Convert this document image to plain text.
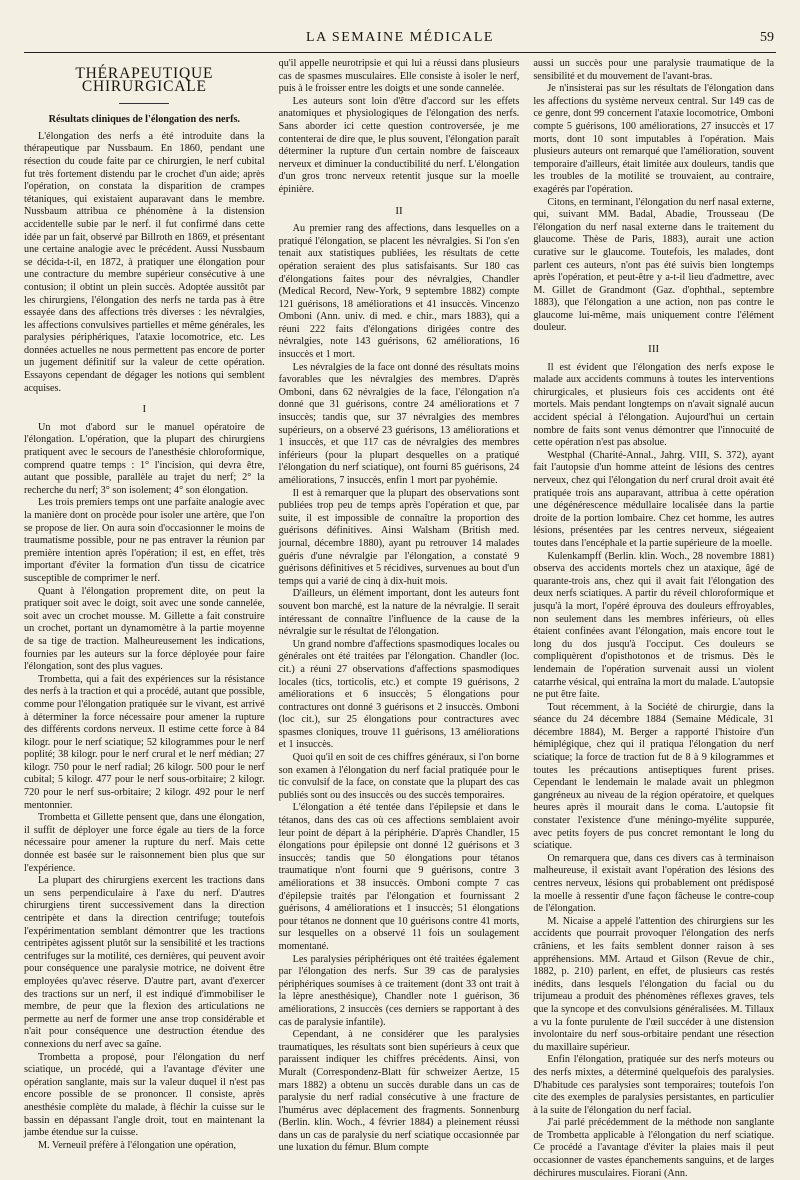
LA SEMAINE MÉDICALE	59
THÉRAPEUTIQUE CHIRURGICALE
Résultats cliniques de l'élongation des nerfs.

L'élongation des nerfs a été introduite dans la thérapeutique par Nussbaum. En 1860, pendant une résection du coude faite par ce chirurgien, le nerf cubital fut très fortement distendu par le crochet d'un aide; après l'opération, on constata la disparition de crampes tétaniques, qui existaient auparavant dans le membre. Nussbaum attribua ce phénomène à la distension accidentelle subie par le nerf. il fut confirmé dans cette idée par un fait, observé par Billroth en 1869, et présentant une certaine analogie avec le précédent. Aussi Nussbaum se décida-t-il, en 1872, à pratiquer une élongation pour une contracture du membre supérieur consécutive à une contusion; il obtint un plein succès. Adoptée aussitôt par les chirurgiens, l'élongation des nerfs ne tarda pas à être essayée dans des affections très diverses : les névralgies, les affections convulsives partielles et même générales, les paralysies périphériques, l'ataxie locomotrice, etc. Les données actuelles ne nous permettent pas encore de porter un jugement définitif sur la valeur de cette opération. Essayons cependant de dégager les notions qui semblent acquises.

I

Un mot d'abord sur le manuel opératoire de l'élongation. L'opération, que la plupart des chirurgiens pratiquent avec le secours de l'anesthésie chloroformique, comprend quatre temps : 1° l'incision, qui devra être, autant que possible, parallèle au trajet du nerf; 2° la recherche du nerf; 3° son isolement; 4° son élongation.

Les trois premiers temps ont une parfaite analogie avec la manière dont on procède pour isoler une artère, que l'on se propose de lier. On aura soin d'occasionner le moins de traumatisme possible, pour ne pas entraver la réunion par première intention après l'opération; il est, en effet, très important d'éviter la formation d'un tissu de cicatrice susceptible de comprimer le nerf.

Quant à l'élongation proprement dite, on peut la pratiquer soit avec le doigt, soit avec une sonde cannelée, soit avec un crochet mousse. M. Gillette a fait construire un crochet, portant un dynamomètre à la partie moyenne de sa tige de traction. Malheureusement les indications, fournies par les auteurs sur la force déployée pour faire l'élongation, sont des plus vagues.

Trombetta, qui a fait des expériences sur la résistance des nerfs à la traction et qui a procédé, autant que possible, comme pour l'élongation pratiquée sur le vivant, est arrivé à déterminer la force nécessaire pour amener la rupture des différents cordons nerveux. Il estime cette force à 84 kilogr. pour le nerf sciatique; 52 kilogrammes pour le nerf poplité; 38 kilogr. pour le nerf crural et le nerf médian; 27 kilogr. 750 pour le nerf radial; 26 kilogr. 500 pour le nerf cubital; 5 kilogr. 477 pour le nerf sous-orbitaire; 2 kilogr. 720 pour le nerf sus-orbitaire; 2 kilogr. 492 pour le nerf mentonnier.

Trombetta et Gillette pensent que, dans une élongation, il suffit de déployer une force égale au tiers de la force nécessaire pour amener la rupture du nerf. Mais cette donnée est basée sur le raisonnement bien plus que sur l'expérience.

La plupart des chirurgiens exercent les tractions dans un sens perpendiculaire à l'axe du nerf. D'autres chirurgiens tirent successivement dans la direction centripète et dans la direction centrifuge; toutefois l'expérimentation semblant démontrer que les tractions centripètes agissent plutôt sur la sensibilité et les tractions centrifuges sur la motilité, ces dernières, qui peuvent avoir pour conséquence une paralysie motrice, ne doivent être employées qu'avec réserve. D'autre part, avant d'exercer des tractions sur un nerf, il est indiqué d'immobiliser le membre, de peur que la flexion des articulations ne permette au nerf de former une anse trop considérable et n'ait pour conséquence une destruction étendue des connexions du nerf avec sa gaîne.

Trombetta a proposé, pour l'élongation du nerf sciatique, un procédé, qui a l'avantage d'éviter une opération sanglante, mais sur la valeur duquel il n'est pas encore possible de se prononcer. Il consiste, après anesthésie complète du malade, à fléchir la cuisse sur le bassin en dépassant l'angle droit, tout en maintenant la jambe étendue sur la cuisse.

M. Verneuil préfère à l'élongation une opération,

qu'il appelle neurotripsie et qui lui a réussi dans plusieurs cas de spasmes musculaires. Elle consiste à isoler le nerf, puis à le froisser entre les doigts et une sonde cannelée.

Les auteurs sont loin d'être d'accord sur les effets anatomiques et physiologiques de l'élongation des nerfs. Sans aborder ici cette question controversée, je me contenterai de dire que, le plus souvent, l'élongation paraît déterminer la rupture d'un certain nombre de faisceaux nerveux et diminuer la conductibilité du nerf. L'élongation d'un gros tronc nerveux retentit jusque sur la moelle épinière.

II

Au premier rang des affections, dans lesquelles on a pratiqué l'élongation, se placent les névralgies. Si l'on s'en tenait aux statistiques publiées, les résultats de cette opération seraient des plus satisfaisants. Sur 180 cas d'élongations faites pour des névralgies, Chandler (Medical Record, New-York, 9 septembre 1882) compte 121 guérisons, 18 améliorations et 41 insuccès. Vincenzo Omboni (Ann. univ. di med. e chir., mars 1883), qui a réuni 222 faits d'élongations dirigées contre des névralgies, note 143 guérisons, 62 améliorations, 16 insuccès et 1 mort.

Les névralgies de la face ont donné des résultats moins favorables que les névralgies des membres. D'après Omboni, dans 62 névralgies de la face, l'élongation n'a donné que 31 guérisons, contre 24 améliorations et 7 insuccès; tandis que, sur 37 névralgies des membres supérieurs, on a observé 23 guérisons, 13 améliorations et 1 insuccès, et que 117 cas de névralgies des membres inférieurs (pour la plupart desquelles on a pratiqué l'élongation du nerf sciatique), ont fourni 85 guérisons, 24 améliorations, 7 insuccès, enfin 1 mort par pyohémie.

Il est à remarquer que la plupart des observations sont publiées trop peu de temps après l'opération et que, par suite, il est impossible de connaître la proportion des guérisons définitives. Ainsi Walsham (British med. journal, décembre 1880), ayant pu retrouver 14 malades guéris d'une névralgie par l'élongation, a constaté 9 guérisons définitives et 5 récidives, survenues au bout d'un temps qui a varié de cinq à dix-huit mois.

D'ailleurs, un élément important, dont les auteurs font souvent bon marché, est la nature de la névralgie. Il serait intéressant de connaître l'influence de la cause de la névralgie sur le résultat de l'élongation.

Un grand nombre d'affections spasmodiques locales ou générales ont été traitées par l'élongation. Chandler (loc. cit.) a réuni 27 observations d'affections spasmodiques locales (tics, torticolis, etc.) et compte 19 guérisons, 2 améliorations et 6 insuccès; 5 élongations pour contractures ont donné 3 guérisons et 2 insuccès. Omboni (loc cit.), sur 25 élongations pour contractures avec spasmes cloniques, trouve 11 guérisons, 13 améliorations et 1 insuccès.

Quoi qu'il en soit de ces chiffres généraux, si l'on borne son examen à l'élongation du nerf facial pratiquée pour le tic convulsif de la face, on constate que la plupart des cas publiés sont ou des insuccès ou des succès temporaires.

L'élongation a été tentée dans l'épilepsie et dans le tétanos, dans des cas où ces affections semblaient avoir leur point de départ à la périphérie. D'après Chandler, 15 élongations pour épilepsie ont donné 12 guérisons et 3 insuccès; tandis que 50 élongations pour tétanos traumatique n'ont fourni que 9 guérisons, contre 3 améliorations et 38 insuccès. Omboni compte 7 cas d'épilepsie traités par l'élongation et fournissant 2 guérisons, 4 améliorations et 1 insuccès; 51 élongations pour tétanos ne donnent que 10 guérisons contre 41 morts, sur lesquelles on a observé 11 fois un soulagement momentané.

Les paralysies périphériques ont été traitées également par l'élongation des nerfs. Sur 39 cas de paralysies périphériques soumises à ce traitement (dont 33 ont trait à la lèpre anesthésique), Chandler note 1 guérison, 36 améliorations, 2 insuccès (ces derniers se rapportant à des cas de paralysie infantile).

Cependant, à ne considérer que les paralysies traumatiques, les résultats sont bien supérieurs à ceux que paraissent indiquer les chiffres précédents. Ainsi, von Muralt (Correspondenz-Blatt für schweizer Aertze, 15 mars 1882) a obtenu un succès durable dans un cas de paralysie du nerf radial consécutive à une fracture de l'humérus avec déplacement des fragments. Sonnenburg (Berlin. klin. Woch., 4 février 1884) a pleinement réussi dans un cas de paralysie du nerf sciatique occasionnée par une luxation du fémur. Blum compte

aussi un succès pour une paralysie traumatique de la sensibilité et du mouvement de l'avant-bras.

Je n'insisterai pas sur les résultats de l'élongation dans les affections du système nerveux central. Sur 149 cas de ce genre, dont 99 concernent l'ataxie locomotrice, Omboni compte 5 guérisons, 100 améliorations, 27 insuccès et 17 morts, dont 10 sont imputables à l'opération. Mais plusieurs auteurs ont remarqué que l'amélioration, souvent temporaire d'ailleurs, était limitée aux douleurs, tandis que les troubles de la motilité se trouvaient, au contraire, exagérés par l'opération.

Citons, en terminant, l'élongation du nerf nasal externe, qui, suivant MM. Badal, Abadie, Trousseau (De l'élongation du nerf nasal externe dans le traitement du glaucome. Thèse de Paris, 1883), aurait une action curative sur le glaucome. Toutefois, les malades, dont parlent ces auteurs, n'ont pas été suivis bien longtemps après l'opération, et peut-être y a-t-il lieu d'admettre, avec M. Gillet de Grandmont (Gaz. d'ophthal., septembre 1883), que l'élongation a une action, non pas contre le glaucome lui-même, mais uniquement contre l'élément douleur.

III

Il est évident que l'élongation des nerfs expose le malade aux accidents communs à toutes les interventions chirurgicales, et plusieurs fois ces accidents ont été mortels. Mais pendant longtemps on n'avait signalé aucun accident spécial à l'élongation. Aujourd'hui un certain nombre de faits sont venus démontrer que l'innocuité de cette opération n'est pas absolue.

Westphal (Charité-Annal., Jahrg. VIII, S. 372), ayant fait l'autopsie d'un homme atteint de lésions des centres nerveux, chez qui l'élongation du nerf crural droit avait été pratiquée trois ans auparavant, attribua à cette opération une dégénérescence médullaire localisée dans la partie droite de la portion lombaire. Chez cet homme, les autres lésions, présentées par les centres nerveux, siégeaient toutes dans l'encéphale et la partie supérieure de la moelle.

Kulenkampff (Berlin. klin. Woch., 28 novembre 1881) observa des accidents mortels chez un ataxique, âgé de quarante-trois ans, chez qui il avait fait l'élongation des deux nerfs sciatiques. A partir du réveil chloroformique et jusqu'à la mort, l'opéré éprouva des douleurs effroyables, non seulement dans les membres inférieurs, où elles étaient confinées avant l'élongation, mais encore tout le long du dos jusqu'à l'occiput. Ces douleurs se compliquèrent d'opisthotonos et de trismus. Dès le lendemain de l'opération survenait aussi un violent catarrhe vésical, qui entraîna la mort du malade. L'autopsie ne put être faite.

Tout récemment, à la Société de chirurgie, dans la séance du 24 décembre 1884 (Semaine Médicale, 31 décembre 1884), M. Berger a rapporté l'histoire d'un hémiplégique, chez qui il pratiqua l'élongation du nerf sciatique; la force de traction fut de 8 à 9 kilogrammes et toutes les précautions antiseptiques furent prises. Cependant le lendemain le malade avait un phlegmon gangréneux au niveau de la région opératoire, et quelques heures après il mourait dans le coma. L'autopsie fit constater l'existence d'une méningo-myélite suppurée, avec petits foyers de pus concret remontant le long du sciatique.

On remarquera que, dans ces divers cas à terminaison malheureuse, il existait avant l'opération des lésions des centres nerveux, lésions qui probablement ont prédisposé la moelle à ressentir d'une façon fâcheuse le contre-coup de l'élongation.

M. Nicaise a appelé l'attention des chirurgiens sur les accidents que pourrait provoquer l'élongation des nerfs crâniens, et les faits semblent donner raison à ses appréhensions. MM. Artaud et Gilson (Revue de chir., 1882, p. 210) parlent, en effet, de plusieurs cas restés inédits, dans lesquels l'élongation du facial ou du trijumeau a produit des phénomènes réflexes graves, tels que la syncope et des convulsions généralisées. M. Tillaux a vu la fonte purulente de l'œil succéder à une distension involontaire du nerf sous-orbitaire pendant une résection du maxillaire supérieur.

Enfin l'élongation, pratiquée sur des nerfs moteurs ou des nerfs mixtes, a déterminé quelquefois des paralysies. D'habitude ces paralysies sont temporaires; toutefois l'on cite des exemples de paralysies persistantes, en particulier à la suite de l'élongation du nerf facial.

J'ai parlé précédemment de la méthode non sanglante de Trombetta applicable à l'élongation du nerf sciatique. Ce procédé a l'avantage d'éviter la plaies mais il peut occasionner de vastes épanchements sanguins, et de larges déchirures musculaires. Fiorani (Ann.
